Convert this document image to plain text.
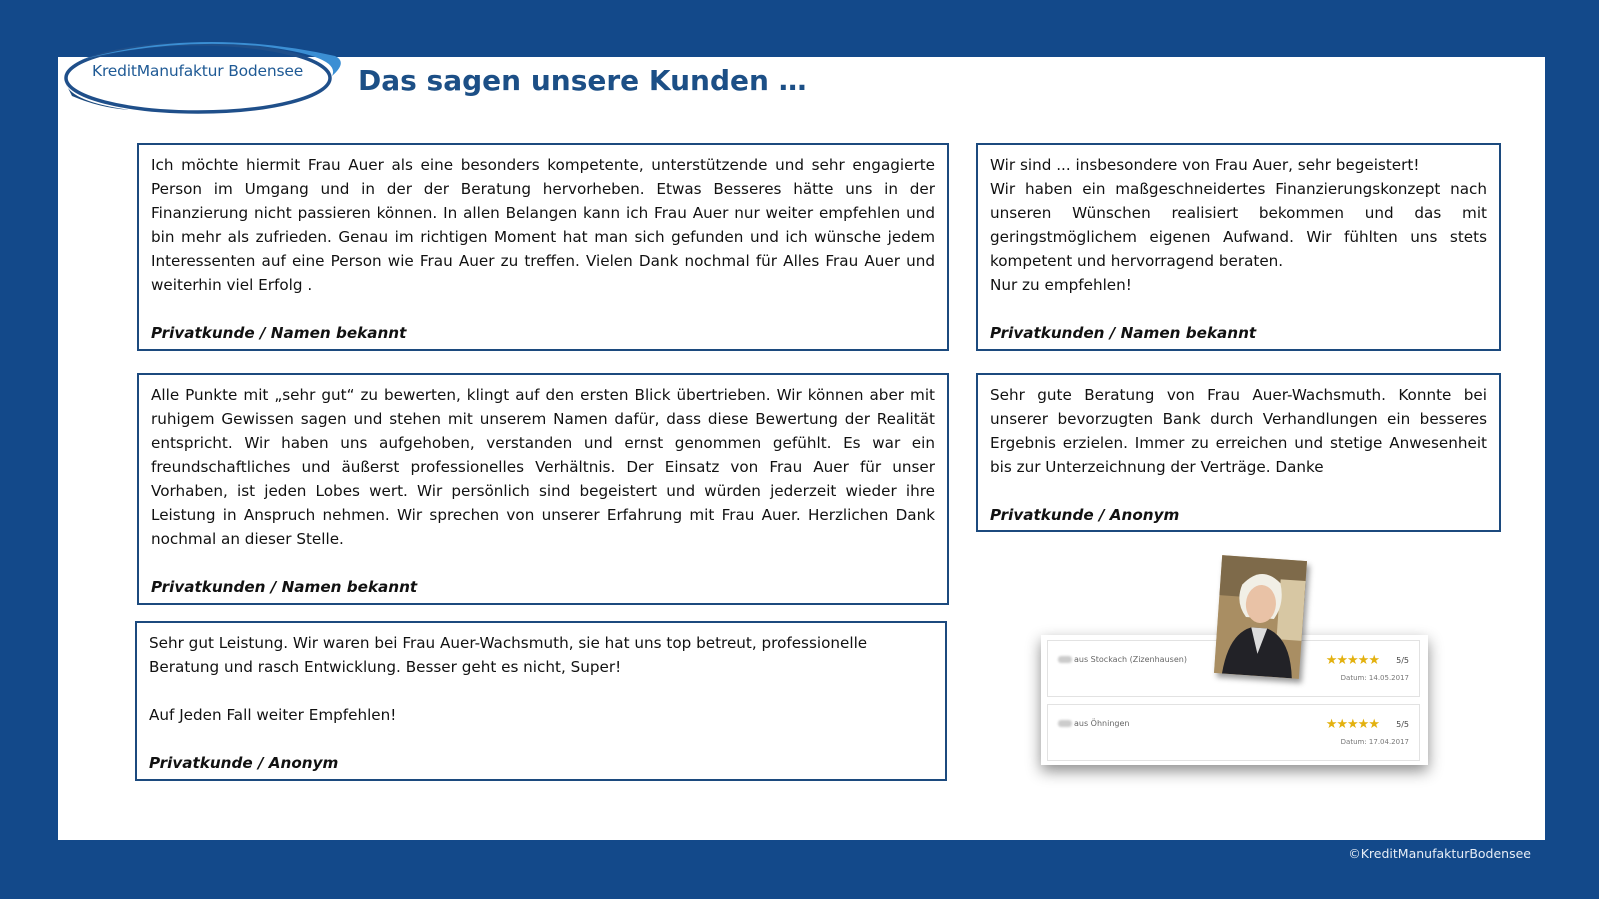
KreditManufaktur Bodensee Das sagen unsere Kunden …

Ich möchte hiermit Frau Auer als eine besonders kompetente, unterstützende und sehr engagierte Person im Umgang und in der der Beratung hervorheben. Etwas Besseres hätte uns in der Finanzierung nicht passieren können. In allen Belangen kann ich Frau Auer nur weiter empfehlen und bin mehr als zufrieden. Genau im richtigen Moment hat man sich gefunden und ich wünsche jedem Interessenten auf eine Person wie Frau Auer zu treffen. Vielen Dank nochmal für Alles Frau Auer und weiterhin viel Erfolg .

Privatkunde / Namen bekannt

Wir sind ... insbesondere von Frau Auer, sehr begeistert!

Wir haben ein maßgeschneidertes Finanzierungskonzept nach unseren Wünschen realisiert bekommen und das mit geringstmöglichem eigenen Aufwand. Wir fühlten uns stets kompetent und hervorragend beraten.

Nur zu empfehlen!

Privatkunden / Namen bekannt

Alle Punkte mit „sehr gut“ zu bewerten, klingt auf den ersten Blick übertrieben. Wir können aber mit ruhigem Gewissen sagen und stehen mit unserem Namen dafür, dass diese Bewertung der Realität entspricht. Wir haben uns aufgehoben, verstanden und ernst genommen gefühlt. Es war ein freundschaftliches und äußerst professionelles Verhältnis. Der Einsatz von Frau Auer für unser Vorhaben, ist jeden Lobes wert. Wir persönlich sind begeistert und würden jederzeit wieder ihre Leistung in Anspruch nehmen. Wir sprechen von unserer Erfahrung mit Frau Auer. Herzlichen Dank nochmal an dieser Stelle.

Privatkunden / Namen bekannt

Sehr gute Beratung von Frau Auer-Wachsmuth. Konnte bei unserer bevorzugten Bank durch Verhandlungen ein besseres Ergebnis erzielen. Immer zu erreichen und stetige Anwesenheit bis zur Unterzeichnung der Verträge. Danke

Privatkunde / Anonym

Sehr gut Leistung. Wir waren bei Frau Auer-Wachsmuth, sie hat uns top betreut, professionelle Beratung und rasch Entwicklung. Besser geht es nicht, Super!

Auf Jeden Fall weiter Empfehlen!

Privatkunde / Anonym

aus Stockach (Zizenhausen)	★★★★★ 5/5
Datum: 14.05.2017
aus Öhningen	★★★★★ 5/5
Datum: 17.04.2017
©KreditManufakturBodensee
